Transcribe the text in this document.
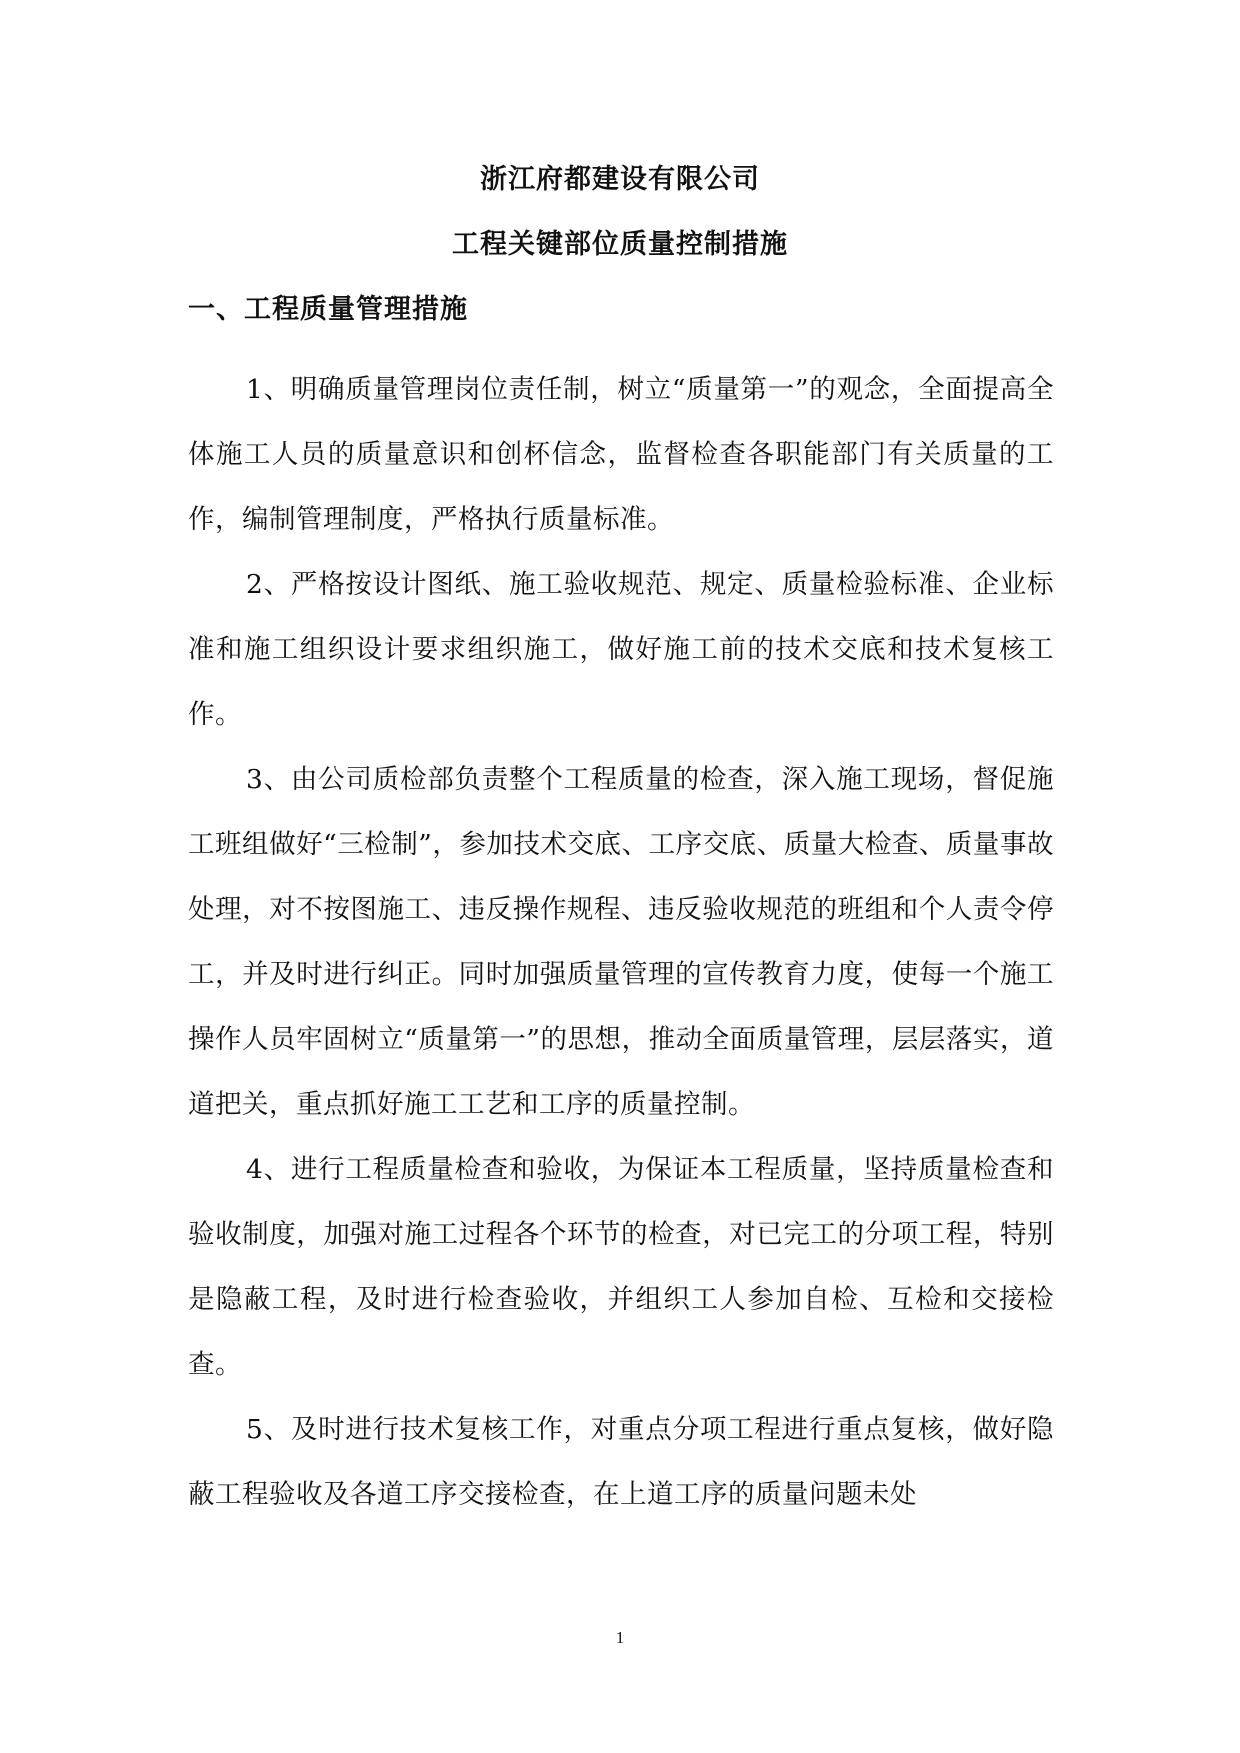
浙江府都建设有限公司
工程关键部位质量控制措施
一、工程质量管理措施

1、明确质量管理岗位责任制，树立“质量第一”的观念，全面提高全体施工人员的质量意识和创杯信念，监督检查各职能部门有关质量的工作，编制管理制度，严格执行质量标准。

2、严格按设计图纸、施工验收规范、规定、质量检验标准、企业标准和施工组织设计要求组织施工，做好施工前的技术交底和技术复核工作。

3、由公司质检部负责整个工程质量的检查，深入施工现场，督促施工班组做好“三检制”，参加技术交底、工序交底、质量大检查、质量事故处理，对不按图施工、违反操作规程、违反验收规范的班组和个人责令停工，并及时进行纠正。同时加强质量管理的宣传教育力度，使每一个施工操作人员牢固树立“质量第一”的思想，推动全面质量管理，层层落实，道道把关，重点抓好施工工艺和工序的质量控制。

4、进行工程质量检查和验收，为保证本工程质量，坚持质量检查和验收制度，加强对施工过程各个环节的检查，对已完工的分项工程，特别是隐蔽工程，及时进行检查验收，并组织工人参加自检、互检和交接检查。

5、及时进行技术复核工作，对重点分项工程进行重点复核，做好隐蔽工程验收及各道工序交接检查，在上道工序的质量问题未处

1
